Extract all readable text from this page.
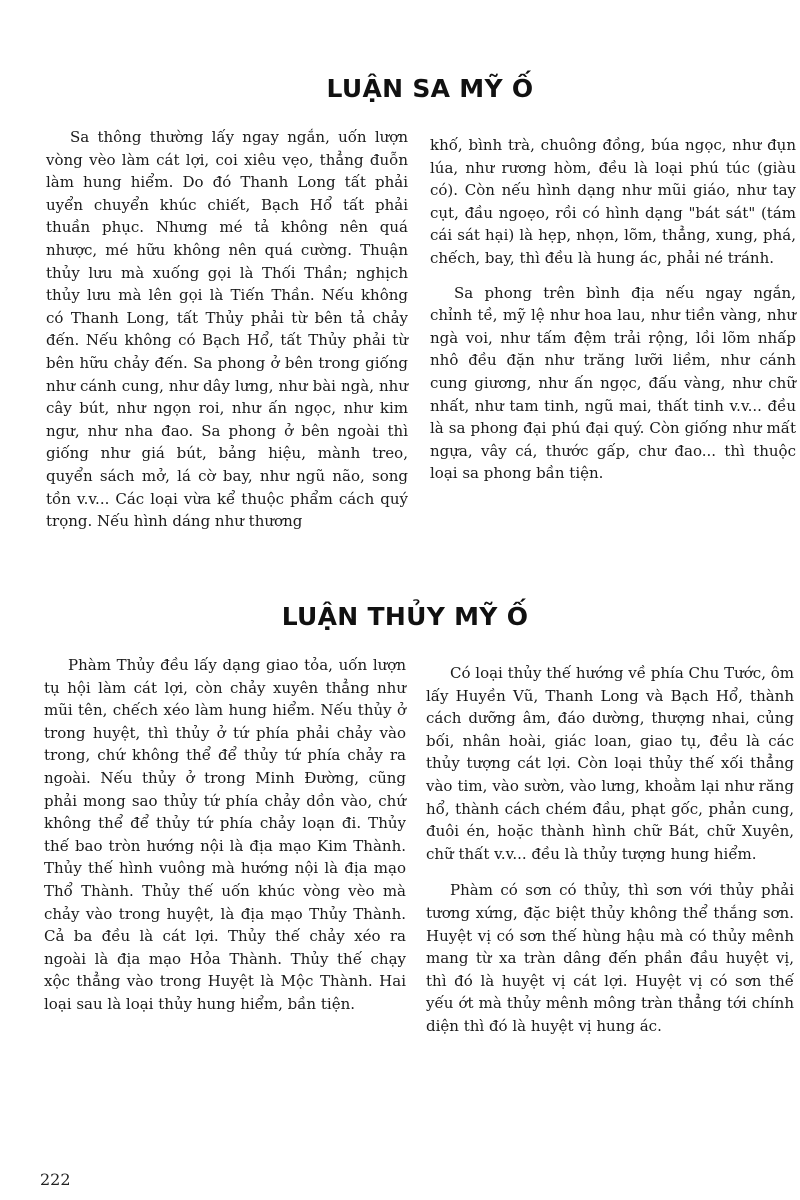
LUẬN SA MỸ Ố

Sa thông thường lấy ngay ngắn, uốn lượn vòng vèo làm cát lợi, coi xiêu vẹo, thẳng đuỗn làm hung hiểm. Do đó Thanh Long tất phải uyển chuyển khúc chiết, Bạch Hổ tất phải thuần phục. Nhưng mé tả không nên quá nhược, mé hữu không nên quá cường. Thuận thủy lưu mà xuống gọi là Thối Thần; nghịch thủy lưu mà lên gọi là Tiến Thần. Nếu không có Thanh Long, tất Thủy phải từ bên tả chảy đến. Nếu không có Bạch Hổ, tất Thủy phải từ bên hữu chảy đến. Sa phong ở bên trong giống như cánh cung, như dây lưng, như bài ngà, như cây bút, như ngọn roi, như ấn ngọc, như kim ngư, như nha đao. Sa phong ở bên ngoài thì giống như giá bút, bảng hiệu, mành treo, quyển sách mở, lá cờ bay, như ngũ não, song tồn v.v... Các loại vừa kể thuộc phẩm cách quý trọng. Nếu hình dáng như thương

khố, bình trà, chuông đồng, búa ngọc, như đụn lúa, như rương hòm, đều là loại phú túc (giàu có). Còn nếu hình dạng như mũi giáo, như tay cụt, đầu ngoẹo, rồi có hình dạng "bát sát" (tám cái sát hại) là hẹp, nhọn, lõm, thẳng, xung, phá, chếch, bay, thì đều là hung ác, phải né tránh.

Sa phong trên bình địa nếu ngay ngắn, chỉnh tề, mỹ lệ như hoa lau, như tiền vàng, như ngà voi, như tấm đệm trải rộng, lồi lõm nhấp nhô đều đặn như trăng lưỡi liềm, như cánh cung giương, như ấn ngọc, đấu vàng, như chữ nhất, như tam tinh, ngũ mai, thất tinh v.v... đều là sa phong đại phú đại quý. Còn giống như mất ngựa, vây cá, thước gấp, chư đao... thì thuộc loại sa phong bần tiện.

LUẬN THỦY MỸ Ố

Phàm Thủy đều lấy dạng giao tỏa, uốn lượn tụ hội làm cát lợi, còn chảy xuyên thẳng như mũi tên, chếch xéo làm hung hiểm. Nếu thủy ở trong huyệt, thì thủy ở tứ phía phải chảy vào trong, chứ không thể để thủy tứ phía chảy ra ngoài. Nếu thủy ở trong Minh Đường, cũng phải mong sao thủy tứ phía chảy dồn vào, chứ không thể để thủy tứ phía chảy loạn đi. Thủy thế bao tròn hướng nội là địa mạo Kim Thành. Thủy thế hình vuông mà hướng nội là địa mạo Thổ Thành. Thủy thế uốn khúc vòng vèo mà chảy vào trong huyệt, là địa mạo Thủy Thành. Cả ba đều là cát lợi. Thủy thế chảy xéo ra ngoài là địa mạo Hỏa Thành. Thủy thế chạy xộc thẳng vào trong Huyệt là Mộc Thành. Hai loại sau là loại thủy hung hiểm, bần tiện.

Có loại thủy thế hướng về phía Chu Tước, ôm lấy Huyền Vũ, Thanh Long và Bạch Hổ, thành cách dưỡng âm, đáo dường, thượng nhai, củng bối, nhân hoài, giác loan, giao tụ, đều là các thủy tượng cát lợi. Còn loại thủy thế xối thẳng vào tim, vào sườn, vào lưng, khoằm lại như răng hổ, thành cách chém đầu, phạt gốc, phản cung, đuôi én, hoặc thành hình chữ Bát, chữ Xuyên, chữ thất v.v... đều là thủy tượng hung hiểm.

Phàm có sơn có thủy, thì sơn với thủy phải tương xứng, đặc biệt thủy không thể thắng sơn. Huyệt vị có sơn thế hùng hậu mà có thủy mênh mang từ xa tràn dâng đến phần đầu huyệt vị, thì đó là huyệt vị cát lợi. Huyệt vị có sơn thế yếu ớt mà thủy mênh mông tràn thẳng tới chính diện thì đó là huyệt vị hung ác.

222
